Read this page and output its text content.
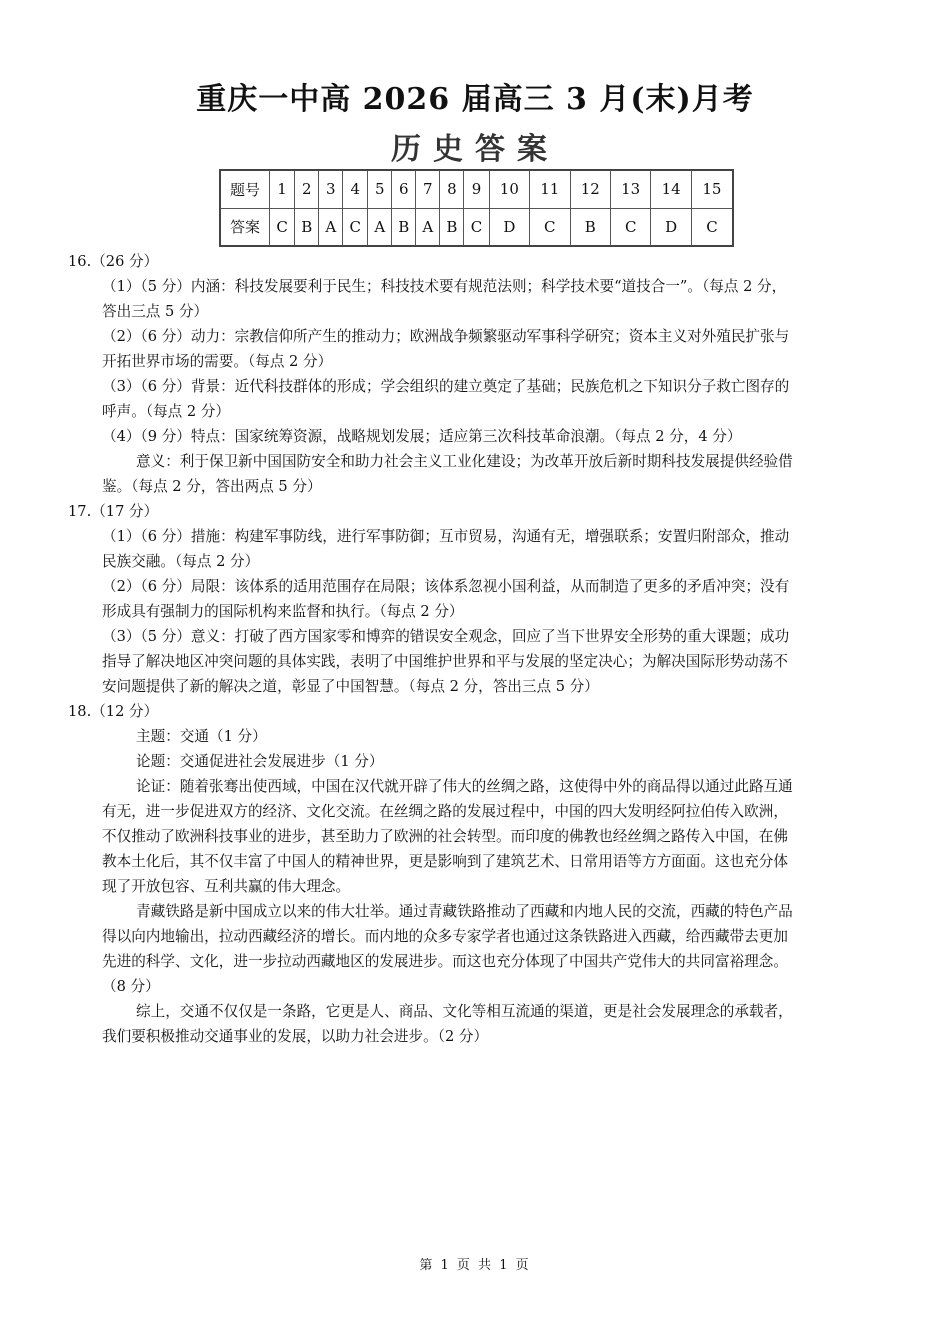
重庆一中高 2026 届高三 3 月(末)月考
历史答案
题号	1	2	3	4	5	6	7	8	9	10	11	12	13	14	15
答案	C	B	A	C	A	B	A	B	C	D	C	B	C	D	C

16.（26 分）

（1）（5 分）内涵：科技发展要利于民生；科技技术要有规范法则；科学技术要“道技合一”。（每点 2 分，

答出三点 5 分）

（2）（6 分）动力：宗教信仰所产生的推动力；欧洲战争频繁驱动军事科学研究；资本主义对外殖民扩张与

开拓世界市场的需要。（每点 2 分）

（3）（6 分）背景：近代科技群体的形成；学会组织的建立奠定了基础；民族危机之下知识分子救亡图存的

呼声。（每点 2 分）

（4）（9 分）特点：国家统筹资源，战略规划发展；适应第三次科技革命浪潮。（每点 2 分，4 分）

意义：利于保卫新中国国防安全和助力社会主义工业化建设；为改革开放后新时期科技发展提供经验借

鉴。（每点 2 分，答出两点 5 分）

17.（17 分）

（1）（6 分）措施：构建军事防线，进行军事防御；互市贸易，沟通有无，增强联系；安置归附部众，推动

民族交融。（每点 2 分）

（2）（6 分）局限：该体系的适用范围存在局限；该体系忽视小国利益，从而制造了更多的矛盾冲突；没有

形成具有强制力的国际机构来监督和执行。（每点 2 分）

（3）（5 分）意义：打破了西方国家零和博弈的错误安全观念，回应了当下世界安全形势的重大课题；成功

指导了解决地区冲突问题的具体实践，表明了中国维护世界和平与发展的坚定决心；为解决国际形势动荡不

安问题提供了新的解决之道，彰显了中国智慧。（每点 2 分，答出三点 5 分）

18.（12 分）

主题：交通（1 分）

论题：交通促进社会发展进步（1 分）

论证：随着张骞出使西域，中国在汉代就开辟了伟大的丝绸之路，这使得中外的商品得以通过此路互通

有无，进一步促进双方的经济、文化交流。在丝绸之路的发展过程中，中国的四大发明经阿拉伯传入欧洲，

不仅推动了欧洲科技事业的进步，甚至助力了欧洲的社会转型。而印度的佛教也经丝绸之路传入中国，在佛

教本土化后，其不仅丰富了中国人的精神世界，更是影响到了建筑艺术、日常用语等方方面面。这也充分体

现了开放包容、互利共赢的伟大理念。

青藏铁路是新中国成立以来的伟大壮举。通过青藏铁路推动了西藏和内地人民的交流，西藏的特色产品

得以向内地输出，拉动西藏经济的增长。而内地的众多专家学者也通过这条铁路进入西藏，给西藏带去更加

先进的科学、文化，进一步拉动西藏地区的发展进步。而这也充分体现了中国共产党伟大的共同富裕理念。

（8 分）

综上，交通不仅仅是一条路，它更是人、商品、文化等相互流通的渠道，更是社会发展理念的承载者，

我们要积极推动交通事业的发展，以助力社会进步。（2 分）

第 1 页 共 1 页
